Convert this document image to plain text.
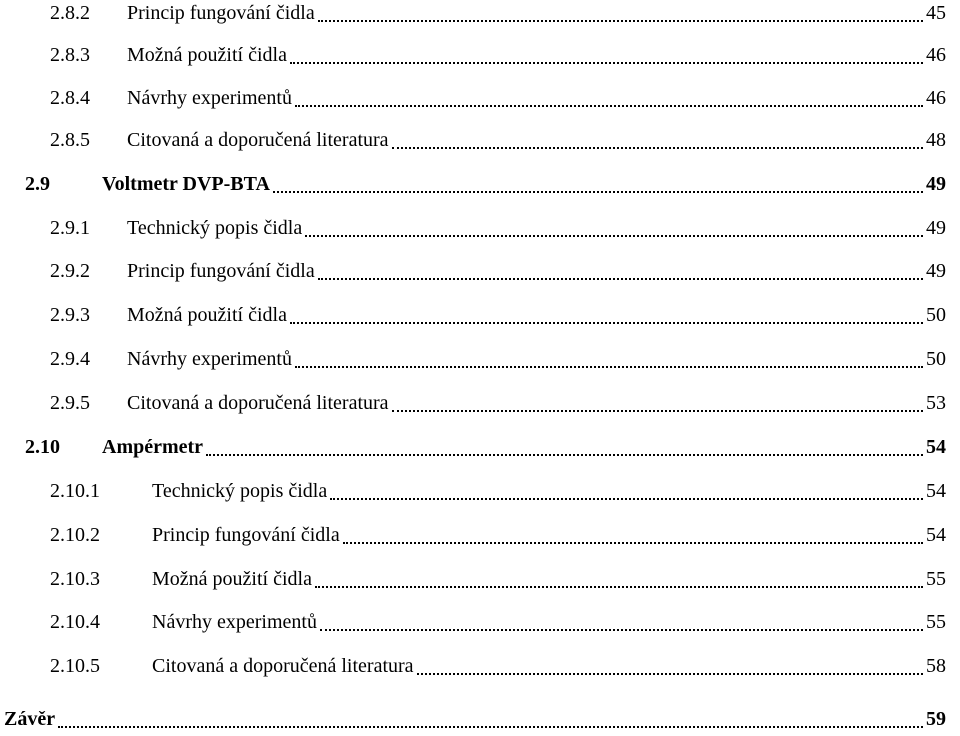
2.8.2 Princip fungování čidla	45
2.8.3 Možná použití čidla	46
2.8.4 Návrhy experimentů	46
2.8.5 Citovaná a doporučená literatura	48
2.9	Voltmetr DVP-BTA	49
2.9.1 Technický popis čidla	49
2.9.2 Princip fungování čidla	49
2.9.3 Možná použití čidla	50
2.9.4 Návrhy experimentů	50
2.9.5 Citovaná a doporučená literatura	53
2.10 Ampérmetr	54
2.10.1	Technický popis čidla	54
2.10.2	Princip fungování čidla	54
2.10.3	Možná použití čidla	55
2.10.4	Návrhy experimentů	55
2.10.5	Citovaná a doporučená literatura	58
Závěr	59
